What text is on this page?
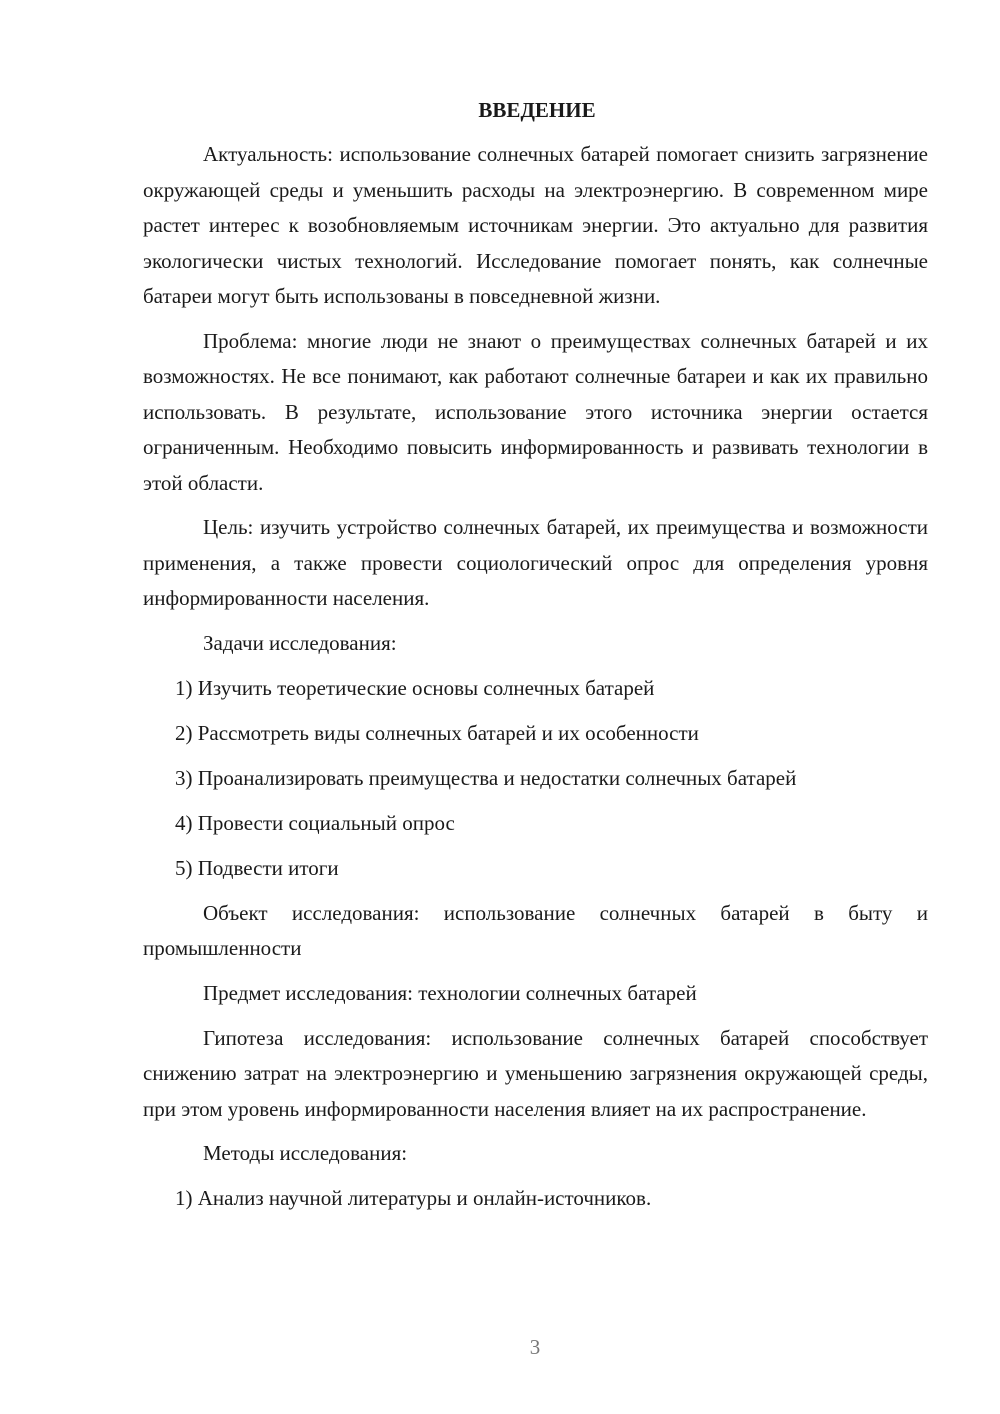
ВВЕДЕНИЕ

Актуальность: использование солнечных батарей помогает снизить загрязнение окружающей среды и уменьшить расходы на электроэнергию. В современном мире растет интерес к возобновляемым источникам энергии. Это актуально для развития экологически чистых технологий. Исследование помогает понять, как солнечные батареи могут быть использованы в повседневной жизни.

Проблема: многие люди не знают о преимуществах солнечных батарей и их возможностях. Не все понимают, как работают солнечные батареи и как их правильно использовать. В результате, использование этого источника энергии остается ограниченным. Необходимо повысить информированность и развивать технологии в этой области.

Цель: изучить устройство солнечных батарей, их преимущества и возможности применения, а также провести социологический опрос для определения уровня информированности населения.

Задачи исследования:
1) Изучить теоретические основы солнечных батарей
2) Рассмотреть виды солнечных батарей и их особенности
3) Проанализировать преимущества и недостатки солнечных батарей
4) Провести социальный опрос
5) Подвести итоги

Объект исследования: использование солнечных батарей в быту и промышленности

Предмет исследования: технологии солнечных батарей

Гипотеза исследования: использование солнечных батарей способствует снижению затрат на электроэнергию и уменьшению загрязнения окружающей среды, при этом уровень информированности населения влияет на их распространение.

Методы исследования:
1) Анализ научной литературы и онлайн-источников.
3
